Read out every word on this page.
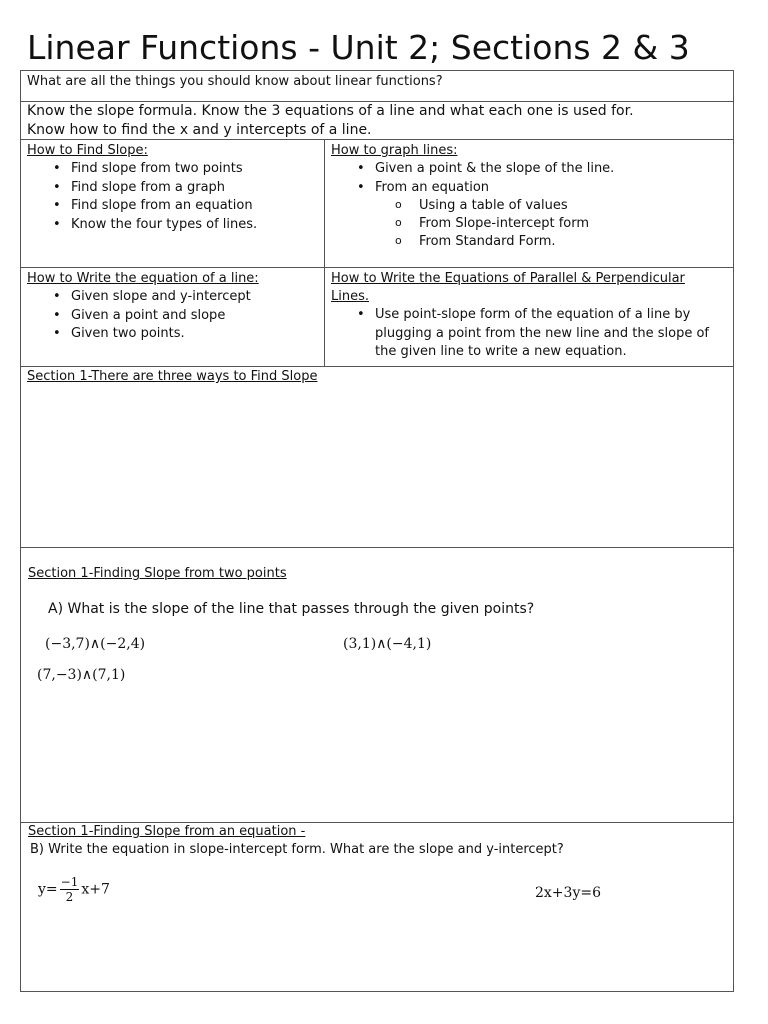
Linear Functions - Unit 2; Sections 2 & 3
What are all the things you should know about linear functions?
Know the slope formula. Know the 3 equations of a line and what each one is used for.
Know how to find the x and y intercepts of a line.
How to Find Slope:
• Find slope from two points
• Find slope from a graph
• Find slope from an equation
• Know the four types of lines.
How to graph lines:
• Given a point & the slope of the line.
• From an equation
o Using a table of values
o From Slope-intercept form
o From Standard Form.
How to Write the equation of a line:
• Given slope and y-intercept
• Given a point and slope
• Given two points.
How to Write the Equations of Parallel & Perpendicular
Lines.
• Use point-slope form of the equation of a line by plugging a point from the new line and the slope of the given line to write a new equation.
Section 1-There are three ways to Find Slope
Section 1-Finding Slope from two points
A) What is the slope of the line that passes through the given points?
(−3,7)∧(−2,4)	(3,1)∧(−4,1)
(7,−3)∧(7,1)
Section 1-Finding Slope from an equation -
B) Write the equation in slope-intercept form. What are the slope and y-intercept?
$y= \frac{-1}{2} x+7$	2x+3y=6
